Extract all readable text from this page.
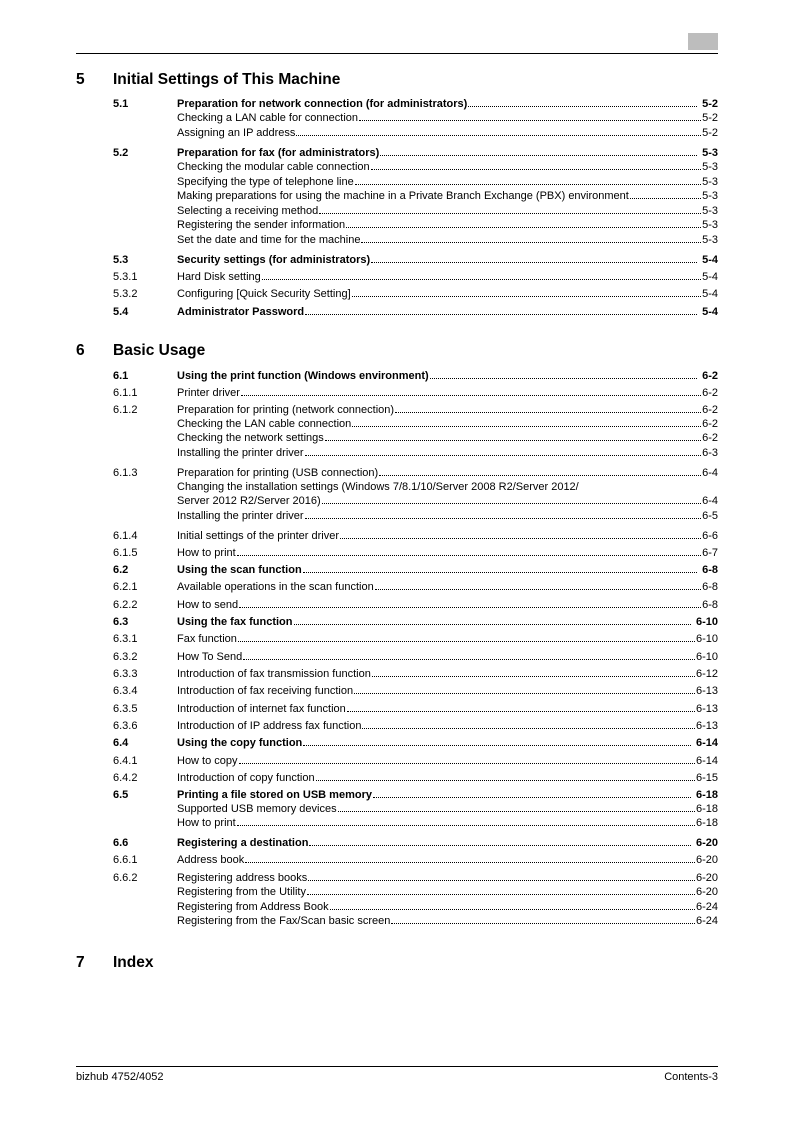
5 Initial Settings of This Machine
6 Basic Usage
7 Index
5.1	Preparation for network connection (for administrators)	5-2
Checking a LAN cable for connection	5-2
Assigning an IP address	5-2
5.2	Preparation for fax (for administrators)	5-3
Checking the modular cable connection	5-3
Specifying the type of telephone line	5-3
Making preparations for using the machine in a Private Branch Exchange (PBX) environment	5-3
Selecting a receiving method	5-3
Registering the sender information	5-3
Set the date and time for the machine	5-3
5.3	Security settings (for administrators)	5-4
5.3.1	Hard Disk setting	5-4
5.3.2	Configuring [Quick Security Setting]	5-4
5.4	Administrator Password	5-4
6.1	Using the print function (Windows environment)	6-2
6.1.1	Printer driver	6-2
6.1.2	Preparation for printing (network connection)	6-2
Checking the LAN cable connection	6-2
Checking the network settings	6-2
Installing the printer driver	6-3
6.1.3	Preparation for printing (USB connection)	6-4
Changing the installation settings (Windows 7/8.1/10/Server 2008 R2/Server 2012/
Server 2012 R2/Server 2016)	6-4
Installing the printer driver	6-5
6.1.4	Initial settings of the printer driver	6-6
6.1.5	How to print	6-7
6.2	Using the scan function	6-8
6.2.1	Available operations in the scan function	6-8
6.2.2	How to send	6-8
6.3	Using the fax function	6-10
6.3.1	Fax function	6-10
6.3.2	How To Send	6-10
6.3.3	Introduction of fax transmission function	6-12
6.3.4	Introduction of fax receiving function	6-13
6.3.5	Introduction of internet fax function	6-13
6.3.6	Introduction of IP address fax function	6-13
6.4	Using the copy function	6-14
6.4.1	How to copy	6-14
6.4.2	Introduction of copy function	6-15
6.5	Printing a file stored on USB memory	6-18
Supported USB memory devices	6-18
How to print	6-18
6.6	Registering a destination	6-20
6.6.1	Address book	6-20
6.6.2	Registering address books	6-20
Registering from the Utility	6-20
Registering from Address Book	6-24
Registering from the Fax/Scan basic screen	6-24
bizhub 4752/4052	Contents-3
